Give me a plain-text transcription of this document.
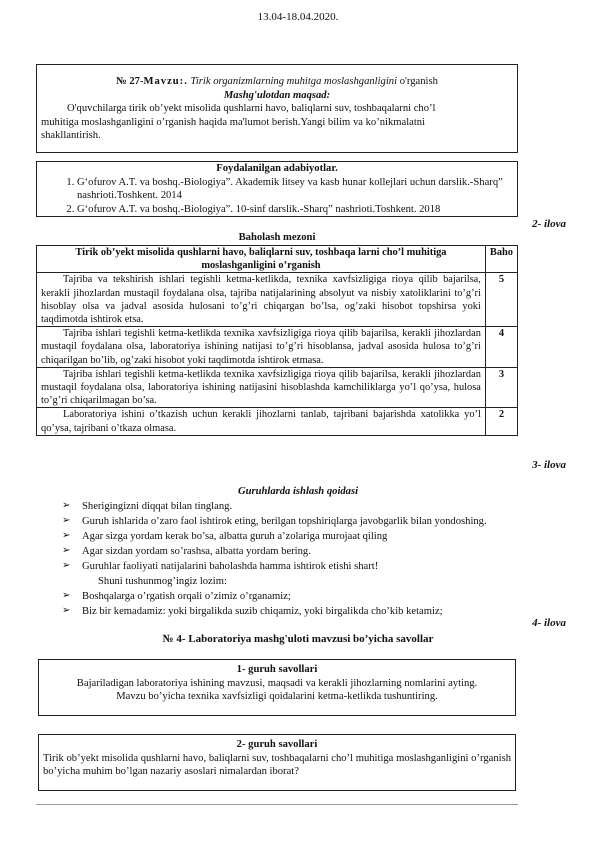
13.04-18.04.2020.
№ 27-Mavzu:. Tirik organizmlarning muhitga moslashganligini o'rganish
Mashg'ulotdan maqsad:
O'quvchilarga tirik ob’yekt misolida qushlarni havo, baliqlarni suv, toshbaqalarni cho’l
muhitiga moslashganligini o’rganish haqida ma'lumot berish.Yangi bilim va ko’nikmalatni
shakllantirish.
Foydalanilgan adabiyotlar.
1. G‘ofurov A.T. va boshq.-Biologiya”. Akademik litsey va kasb hunar kollejlari uchun darslik.-Sharq” nashrioti.Toshkent. 2014
2. G‘ofurov A.T. va boshq.-Biologiya”. 10-sinf darslik.-Sharq” nashrioti.Toshkent. 2018
2- ilova
Baholash mezoni
Tirik ob’yekt misolida qushlarni havo, baliqlarni suv, toshbaqa larni cho’l muhitiga moslashganligini o’rganish	Baho

Tajriba va tekshirish ishlari tegishli ketma-ketlikda, texnika xavfsizligiga rioya qilib bajarilsa, kerakli jihozlardan mustaqil foydalana olsa, tajriba natijalarining absolyut va nisbiy xatoliklarini to’g’ri hisoblay olsa va jadval asosida hulosani to’g’ri chiqargan bo’lsa, og’zaki hisobot topshirsa yoki taqdimotda ishtirok etsa.	5

Tajriba ishlari tegishli ketma-ketlikda texnika xavfsizligiga rioya qilib bajarilsa, kerakli jihozlardan mustaqil foydalana olsa, laboratoriya ishining natijasi to’g’ri hisoblansa, jadval asosida hulosa to’g’ri chiqarilgan bo’lib, og’zaki hisobot yoki taqdimotda ishtirok etmasa.	4

Tajriba ishlari tegishli ketma-ketlikda texnika xavfsizligiga rioya qilib bajarilsa, kerakli jihozlardan mustaqil foydalana olsa, laboratoriya ishining natijasini hisoblashda kamchiliklarga yo’l qo’ysa, hulosa to’g’ri chiqarilmagan bo’sa.	3

Laboratoriya ishini o’tkazish uchun kerakli jihozlarni tanlab, tajribani bajarishda xatolikka yo’l qo’ysa, tajribani o’tkaza olmasa.	2
3- ilova
Guruhlarda ishlash qoidasi
➢ Sherigingizni diqqat bilan tinglang.
➢ Guruh ishlarida o’zaro faol ishtirok eting, berilgan topshiriqlarga javobgarlik bilan yondoshing.
➢ Agar sizga yordam kerak bo’sa, albatta guruh a’zolariga murojaat qiling
➢ Agar sizdan yordam so’rashsa, albatta yordam bering.
➢ Guruhlar faoliyati natijalarini baholashda hamma ishtirok etishi shart!
Shuni tushunmog’ingiz lozim:
➢ Boshqalarga o’rgatish orqali o’zimiz o’rganamiz;
➢ Biz bir kemadamiz: yoki birgalikda suzib chiqamiz, yoki birgalikda cho’kib ketamiz;
4- ilova
№ 4- Laboratoriya mashg'uloti mavzusi bo’yicha savollar
1- guruh savollari
Bajariladigan laboratoriya ishining mavzusi, maqsadi va kerakli jihozlarning nomlarini ayting.
Mavzu bo’yicha texnika xavfsizligi qoidalarini ketma-ketlikda tushuntiring.
2- guruh savollari
Tirik ob’yekt misolida qushlarni havo, baliqlarni suv, toshbaqalarni cho’l muhitiga moslashganligini o’rganish bo’yicha muhim bo’lgan nazariy asoslari nimalardan iborat?
